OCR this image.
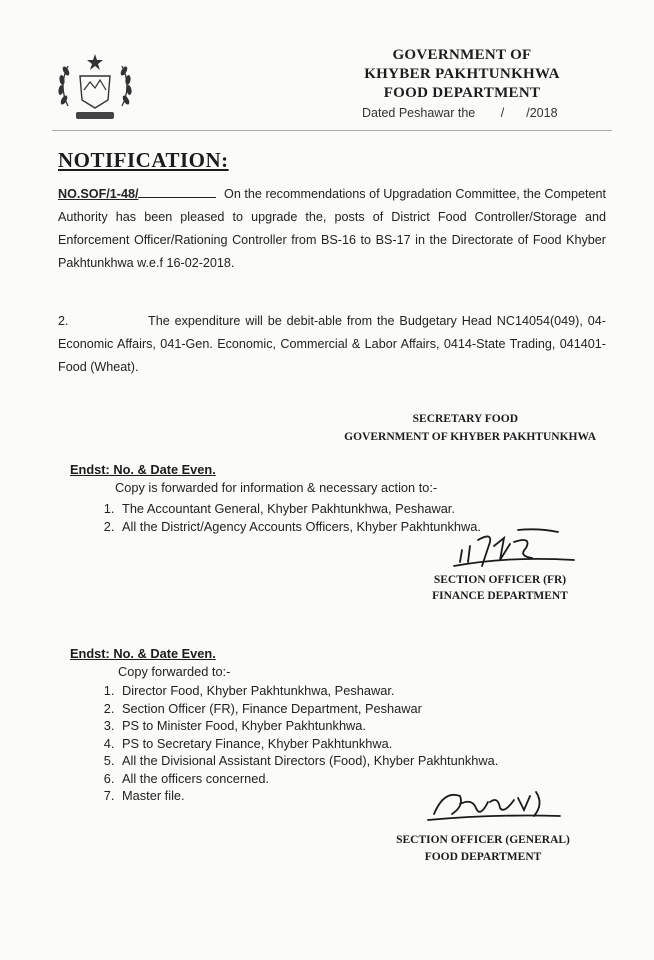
GOVERNMENT OF
KHYBER PAKHTUNKHWA
FOOD DEPARTMENT
Dated Peshawar the / /2018
NOTIFICATION:
NO.SOF/1-48/	On the recommendations of Upgradation Committee, the Competent Authority has been pleased to upgrade the, posts of District Food Controller/Storage and Enforcement Officer/Rationing Controller from BS-16 to BS-17 in the Directorate of Food Khyber Pakhtunkhwa w.e.f 16-02-2018.
2.	The expenditure will be debit-able from the Budgetary Head NC14054(049), 04-Economic Affairs, 041-Gen. Economic, Commercial & Labor Affairs, 0414-State Trading, 041401-Food (Wheat).
SECRETARY FOOD
GOVERNMENT OF KHYBER PAKHTUNKHWA
Endst: No. & Date Even.
Copy is forwarded for information & necessary action to:-
1. The Accountant General, Khyber Pakhtunkhwa, Peshawar.
2. All the District/Agency Accounts Officers, Khyber Pakhtunkhwa.
SECTION OFFICER (FR)
FINANCE DEPARTMENT
Endst: No. & Date Even.
Copy forwarded to:-
1. Director Food, Khyber Pakhtunkhwa, Peshawar.
2. Section Officer (FR), Finance Department, Peshawar
3. PS to Minister Food, Khyber Pakhtunkhwa.
4. PS to Secretary Finance, Khyber Pakhtunkhwa.
5. All the Divisional Assistant Directors (Food), Khyber Pakhtunkhwa.
6. All the officers concerned.
7. Master file.
SECTION OFFICER (GENERAL)
FOOD DEPARTMENT
